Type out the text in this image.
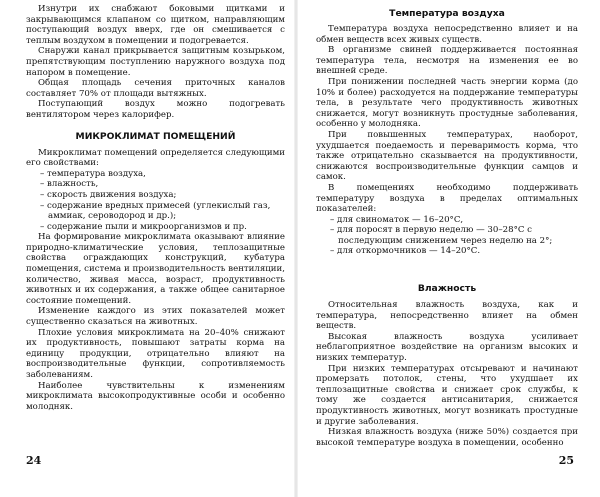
Изнутри их снабжают боковыми щитками и закрывающимся клапаном со щитком, направляющим поступающий воздух вверх, где он смешивается с теплым воздухом в помещении и подогревается.

Снаружи канал прикрывается защитным козырьком, препятствующим поступлению наружного воздуха под напором в помещение.

Общая площадь сечения приточных каналов составляет 70% от площади вытяжных.

Поступающий воздух можно подогревать вентилятором через калорифер.

МИКРОКЛИМАТ ПОМЕЩЕНИЙ

Микроклимат помещений определяется следующими его свойствами:

– температура воздуха,
– влажность,
– скорость движения воздуха;
– содержание вредных примесей (углекислый газ, аммиак, сероводород и др.);
– содержание пыли и микроорганизмов и пр.

На формирование микроклимата оказывают влияние природно-климатические условия, теплозащитные свойства ограждающих конструкций, кубатура помещения, система и производительность вентиляции, количество, живая масса, возраст, продуктивность животных и их содержания, а также общее санитарное состояние помещений.

Изменение каждого из этих показателей может существенно сказаться на животных.

Плохие условия микроклимата на 20–40% снижают их продуктивность, повышают затраты корма на единицу продукции, отрицательно влияют на воспроизводительные функции, сопротивляемость заболеваниям.

Наиболее чувствительны к изменениям микроклимата высокопродуктивные особи и особенно молодняк.

24
Температура воздуха

Температура воздуха непосредственно влияет и на обмен веществ всех живых существ.

В организме свиней поддерживается постоянная температура тела, несмотря на изменения ее во внешней среде.

При понижении последней часть энергии корма (до 10% и более) расходуется на поддержание температуры тела, в результате чего продуктивность животных снижается, могут возникнуть простудные заболевания, особенно у молодняка.

При повышенных температурах, наоборот, ухудшается поедаемость и переваримость корма, что также отрицательно сказывается на продуктивности, снижаются воспроизводительные функции самцов и самок.

В помещениях необходимо поддерживать температуру воздуха в пределах оптимальных показателей:

– для свиноматок — 16–20°С,
– для поросят в первую неделю — 30–28°С с последующим снижением через неделю на 2°;
– для откормочников — 14–20°С.
Влажность

Относительная влажность воздуха, как и температура, непосредственно влияет на обмен веществ.

Высокая влажность воздуха усиливает неблагоприятное воздействие на организм высоких и низких температур.

При низких температурах отсыревают и начинают промерзать потолок, стены, что ухудшает их теплозащитные свойства и снижает срок службы, к тому же создается антисанитария, снижается продуктивность животных, могут возникать простудные и другие заболевания.

Низкая влажность воздуха (ниже 50%) создается при высокой температуре воздуха в помещении, особенно

25
